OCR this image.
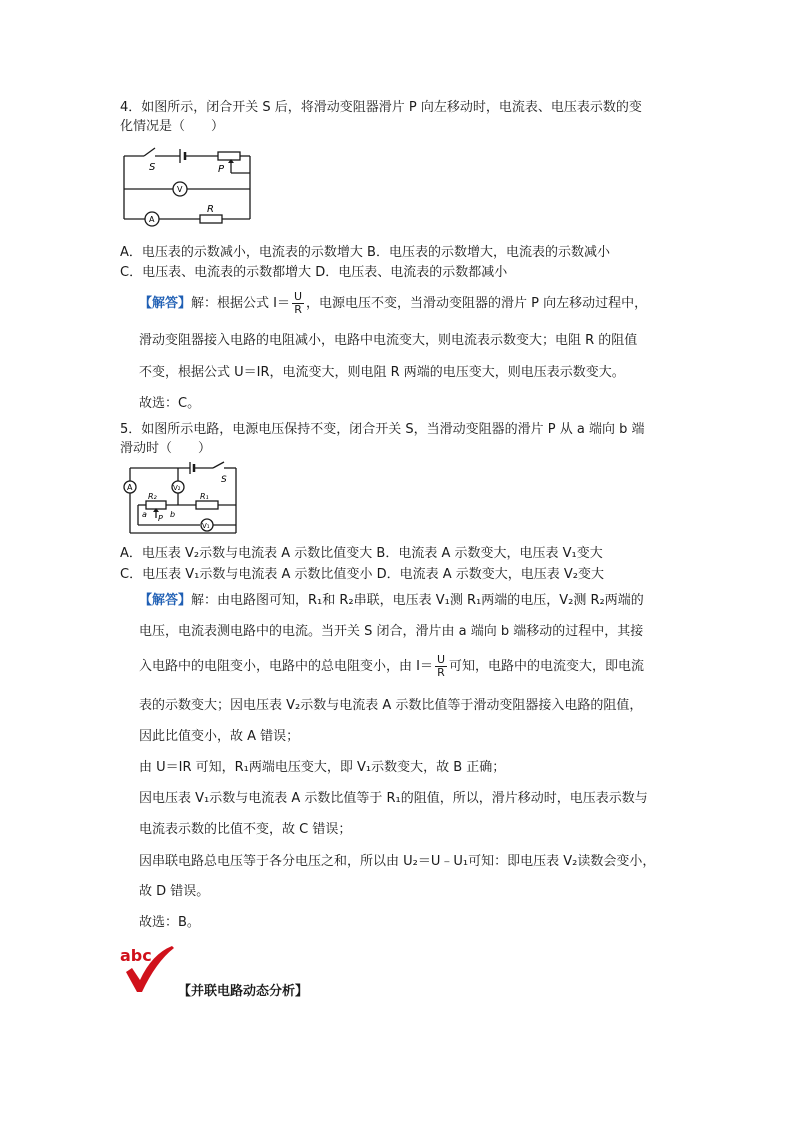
4．如图所示，闭合开关 S 后，将滑动变阻器滑片 P 向左移动时，电流表、电压表示数的变
化情况是（　　）
S	P
V
A
R
A．电压表的示数减小，电流表的示数增大 B．电压表的示数增大，电流表的示数减小
C．电压表、电流表的示数都增大 D．电压表、电流表的示数都减小
【解答】解：根据公式 $I= \frac{U}{R}$ ，电源电压不变，当滑动变阻器的滑片 P 向左移动过程中，
滑动变阻器接入电路的电阻减小，电路中电流变大，则电流表示数变大；电阻 R 的阻值
不变，根据公式 U＝IR，电流变大，则电阻 R 两端的电压变大，则电压表示数变大。
故选：C。
5．如图所示电路，电源电压保持不变，闭合开关 S，当滑动变阻器的滑片 P 从 a 端向 b 端
滑动时（　　）
A	V₂
V₁
R₂	R₁
S
a	b
P
A．电压表 V₂示数与电流表 A 示数比值变大 B．电流表 A 示数变大，电压表 V₁变大
C．电压表 V₁示数与电流表 A 示数比值变小 D．电流表 A 示数变大，电压表 V₂变大
【解答】解：由电路图可知，R₁和 R₂串联，电压表 V₁测 R₁两端的电压，V₂测 R₂两端的
电压，电流表测电路中的电流。当开关 S 闭合，滑片由 a 端向 b 端移动的过程中，其接
入电路中的电阻变小，电路中的总电阻变小，由 $I= \frac{U}{R}$ 可知，电路中的电流变大，即电流
表的示数变大；因电压表 V₂示数与电流表 A 示数比值等于滑动变阻器接入电路的阻值，
因此比值变小，故 A 错误；
由 U＝IR 可知，R₁两端电压变大，即 V₁示数变大，故 B 正确；
因电压表 V₁示数与电流表 A 示数比值等于 R₁的阻值，所以，滑片移动时，电压表示数与
电流表示数的比值不变，故 C 错误；
因串联电路总电压等于各分电压之和，所以由 U₂＝U﹣U₁可知：即电压表 V₂读数会变小，
故 D 错误。
故选：B。
abc
【并联电路动态分析】
